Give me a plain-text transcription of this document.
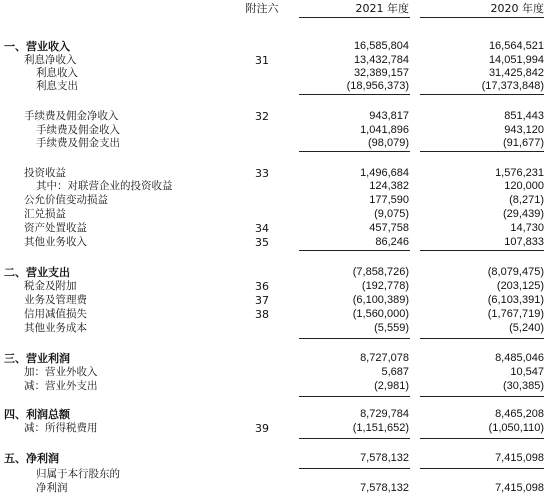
附注六	2021 年度	2020 年度
一、营业收入	16,585,804	16,564,521
利息净收入	31	13,432,784	14,051,994
利息收入	32,389,157	31,425,842
利息支出	(18,956,373)	(17,373,848)
手续费及佣金净收入	32	943,817	851,443
手续费及佣金收入	1,041,896	943,120
手续费及佣金支出	(98,079)	(91,677)
投资收益	33	1,496,684	1,576,231
其中：对联营企业的投资收益	124,382	120,000
公允价值变动损益	177,590	(8,271)
汇兑损益	(9,075)	(29,439)
资产处置收益	34	457,758	14,730
其他业务收入	35	86,246	107,833
二、营业支出	(7,858,726)	(8,079,475)
税金及附加	36	(192,778)	(203,125)
业务及管理费	37	(6,100,389)	(6,103,391)
信用减值损失	38	(1,560,000)	(1,767,719)
其他业务成本	(5,559)	(5,240)
三、营业利润	8,727,078	8,485,046
加：营业外收入	5,687	10,547
减：营业外支出	(2,981)	(30,385)
四、利润总额	8,729,784	8,465,208
减：所得税费用	39	(1,151,652)	(1,050,110)
五、净利润	7,578,132	7,415,098
归属于本行股东的
净利润	7,578,132	7,415,098
